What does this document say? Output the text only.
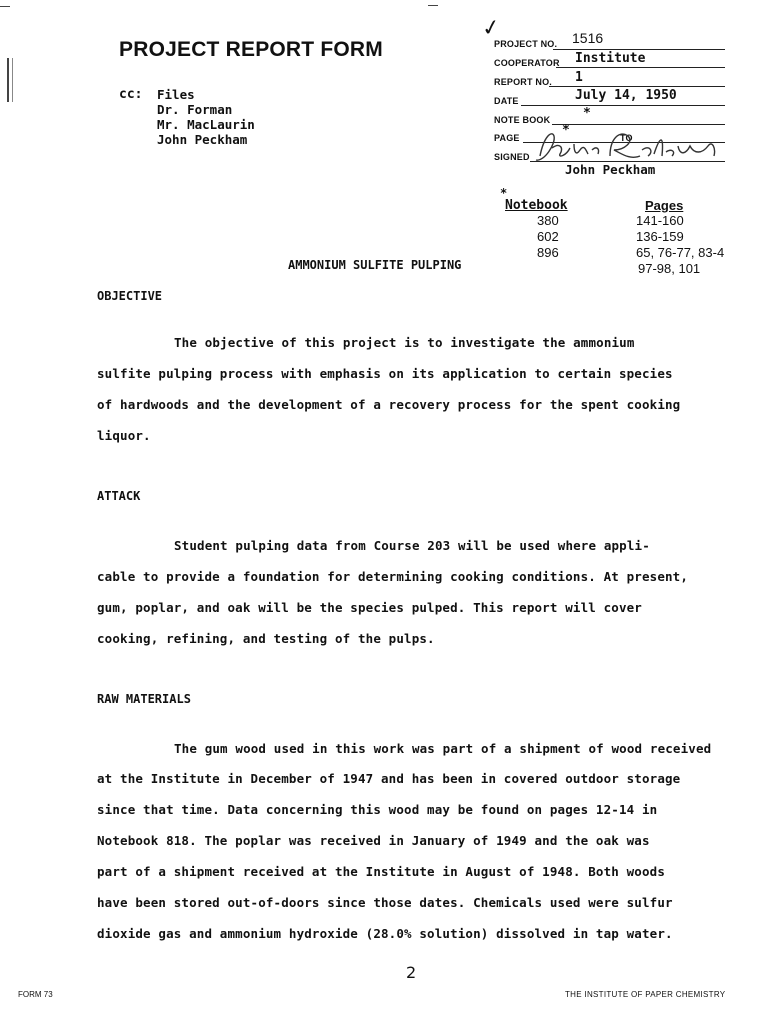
PROJECT REPORT FORM
cc: Files
Dr. Forman
Mr. MacLaurin
John Peckham
✓
PROJECT NO. 1516
COOPERATOR Institute
REPORT NO. 1
DATE	July 14, 1950
NOTE BOOK	*
PAGE	*	TO
SIGNED
John Peckham
*
Notebook	Pages
380	141-160
602	136-159
896	65, 76-77, 83-4
97-98, 101
AMMONIUM SULFITE PULPING
OBJECTIVE
The objective of this project is to investigate the ammonium
sulfite pulping process with emphasis on its application to certain species
of hardwoods and the development of a recovery process for the spent cooking
liquor.
ATTACK
Student pulping data from Course 203 will be used where appli-
cable to provide a foundation for determining cooking conditions. At present,
gum, poplar, and oak will be the species pulped. This report will cover
cooking, refining, and testing of the pulps.
RAW MATERIALS
The gum wood used in this work was part of a shipment of wood received
at the Institute in December of 1947 and has been in covered outdoor storage
since that time. Data concerning this wood may be found on pages 12-14 in
Notebook 818. The poplar was received in January of 1949 and the oak was
part of a shipment received at the Institute in August of 1948. Both woods
have been stored out-of-doors since those dates. Chemicals used were sulfur
dioxide gas and ammonium hydroxide (28.0% solution) dissolved in tap water.
2
FORM 73	THE INSTITUTE OF PAPER CHEMISTRY
